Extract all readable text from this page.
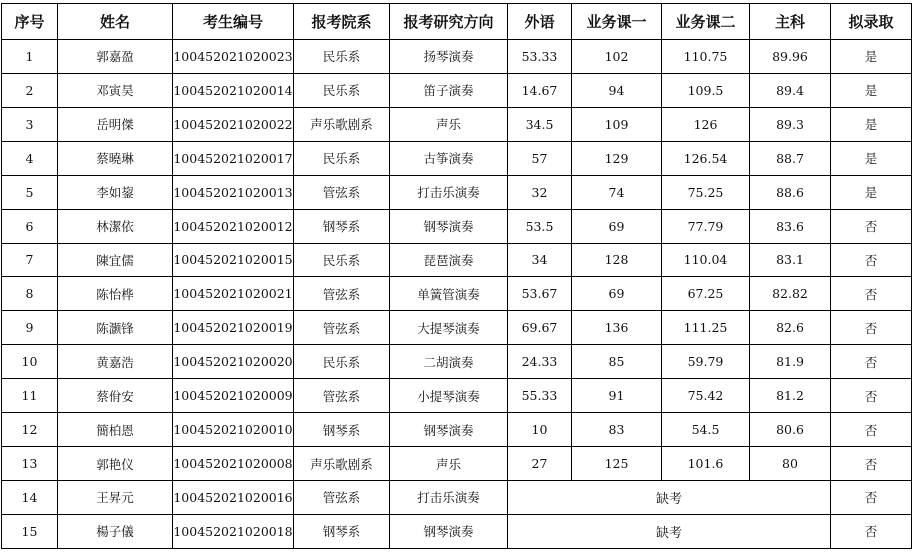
序号	姓名	考生编号	报考院系	报考研究方向	外语	业务课一	业务课二	主科	拟录取
1	郭嘉盈	100452021020023	民乐系	扬琴演奏	53.33	102	110.75	89.96	是
2	邓寅昊	100452021020014	民乐系	笛子演奏	14.67	94	109.5	89.4	是
3	岳明傑	100452021020022	声乐歌剧系	声乐	34.5	109	126	89.3	是
4	蔡曉琳	100452021020017	民乐系	古筝演奏	57	129	126.54	88.7	是
5	李如鋆	100452021020013	管弦系	打击乐演奏	32	74	75.25	88.6	是
6	林潔依	100452021020012	钢琴系	钢琴演奏	53.5	69	77.79	83.6	否
7	陳宜儒	100452021020015	民乐系	琵琶演奏	34	128	110.04	83.1	否
8	陈怡桦	100452021020021	管弦系	单簧管演奏	53.67	69	67.25	82.82	否
9	陈灏锋	100452021020019	管弦系	大提琴演奏	69.67	136	111.25	82.6	否
10	黄嘉浩	100452021020020	民乐系	二胡演奏	24.33	85	59.79	81.9	否
11	蔡佾安	100452021020009	管弦系	小提琴演奏	55.33	91	75.42	81.2	否
12	簡柏恩	100452021020010	钢琴系	钢琴演奏	10	83	54.5	80.6	否
13	郭艳仪	100452021020008	声乐歌剧系	声乐	27	125	101.6	80	否
14	王昇元	100452021020016	管弦系	打击乐演奏	缺考				否
15	楊子儀	100452021020018	钢琴系	钢琴演奏	缺考				否
